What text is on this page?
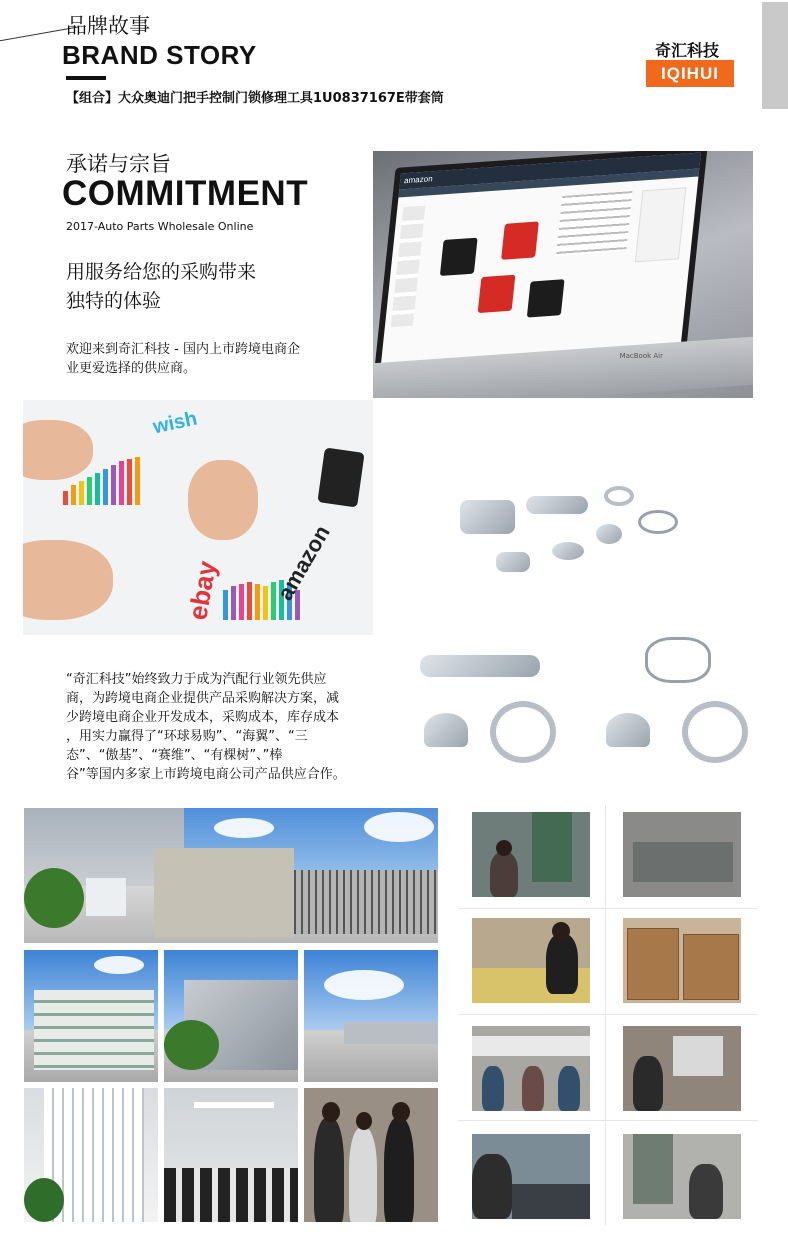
品牌故事
BRAND STORY
【组合】大众奥迪门把手控制门锁修理工具1U0837167E带套筒
奇汇科技
IQIHUI
承诺与宗旨
COMMITMENT
2017-Auto Parts Wholesale Online
用服务给您的采购带来
独特的体验
欢迎来到奇汇科技 - 国内上市跨境电商企
业更爱选择的供应商。
amazon
MacBook Air
wish
ebay amazon
“奇汇科技”始终致力于成为汽配行业领先供应
商，为跨境电商企业提供产品采购解决方案，减
少跨境电商企业开发成本，采购成本，库存成本
，用实力赢得了“环球易购”、“海翼”、“三
态”、“傲基”、“赛维”、“有棵树”、”棒
谷”等国内多家上市跨境电商公司产品供应合作。
